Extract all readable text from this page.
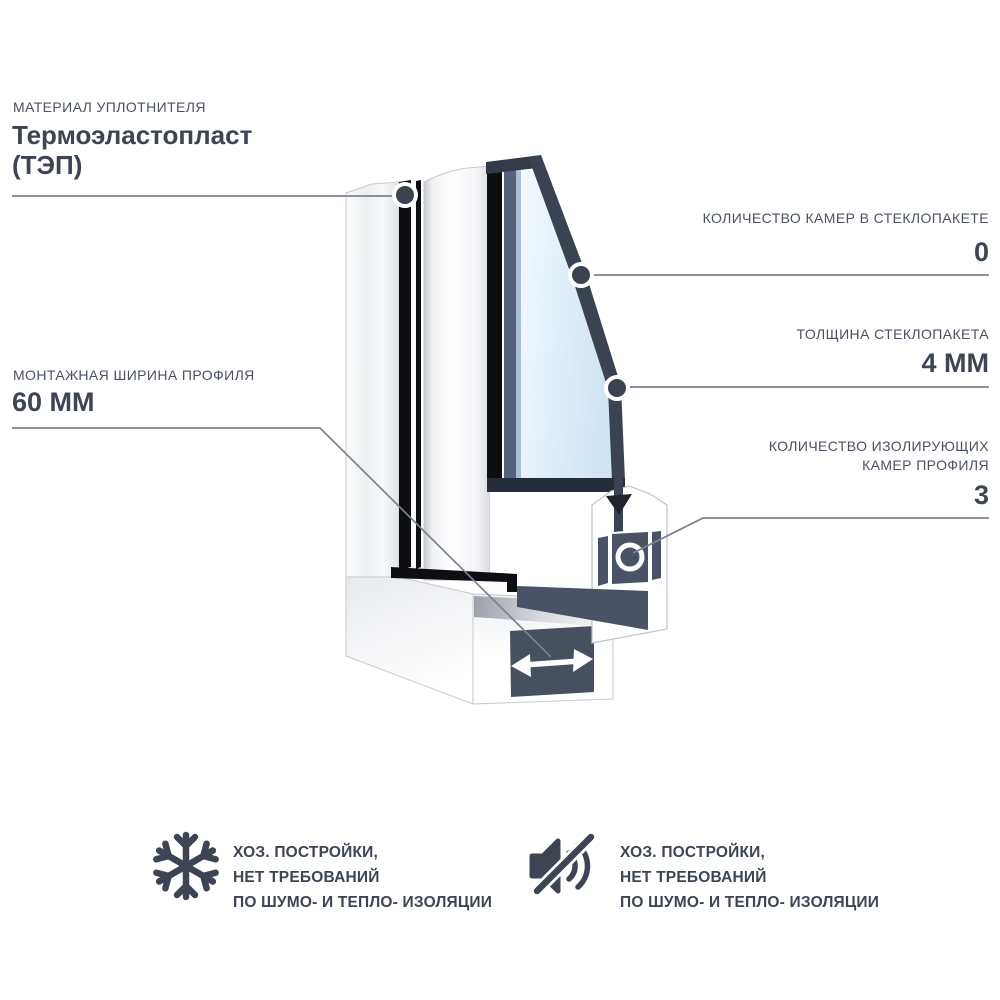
МАТЕРИАЛ УПЛОТНИТЕЛЯ
Термоэластопласт
(ТЭП)
МОНТАЖНАЯ ШИРИНА ПРОФИЛЯ
60 ММ
КОЛИЧЕСТВО КАМЕР В СТЕКЛОПАКЕТЕ
0
ТОЛЩИНА СТЕКЛОПАКЕТА
4 ММ
КОЛИЧЕСТВО ИЗОЛИРУЮЩИХ
КАМЕР ПРОФИЛЯ
3
ХОЗ. ПОСТРОЙКИ,
НЕТ ТРЕБОВАНИЙ
ПО ШУМО- И ТЕПЛО- ИЗОЛЯЦИИ
ХОЗ. ПОСТРОЙКИ,
НЕТ ТРЕБОВАНИЙ
ПО ШУМО- И ТЕПЛО- ИЗОЛЯЦИИ
